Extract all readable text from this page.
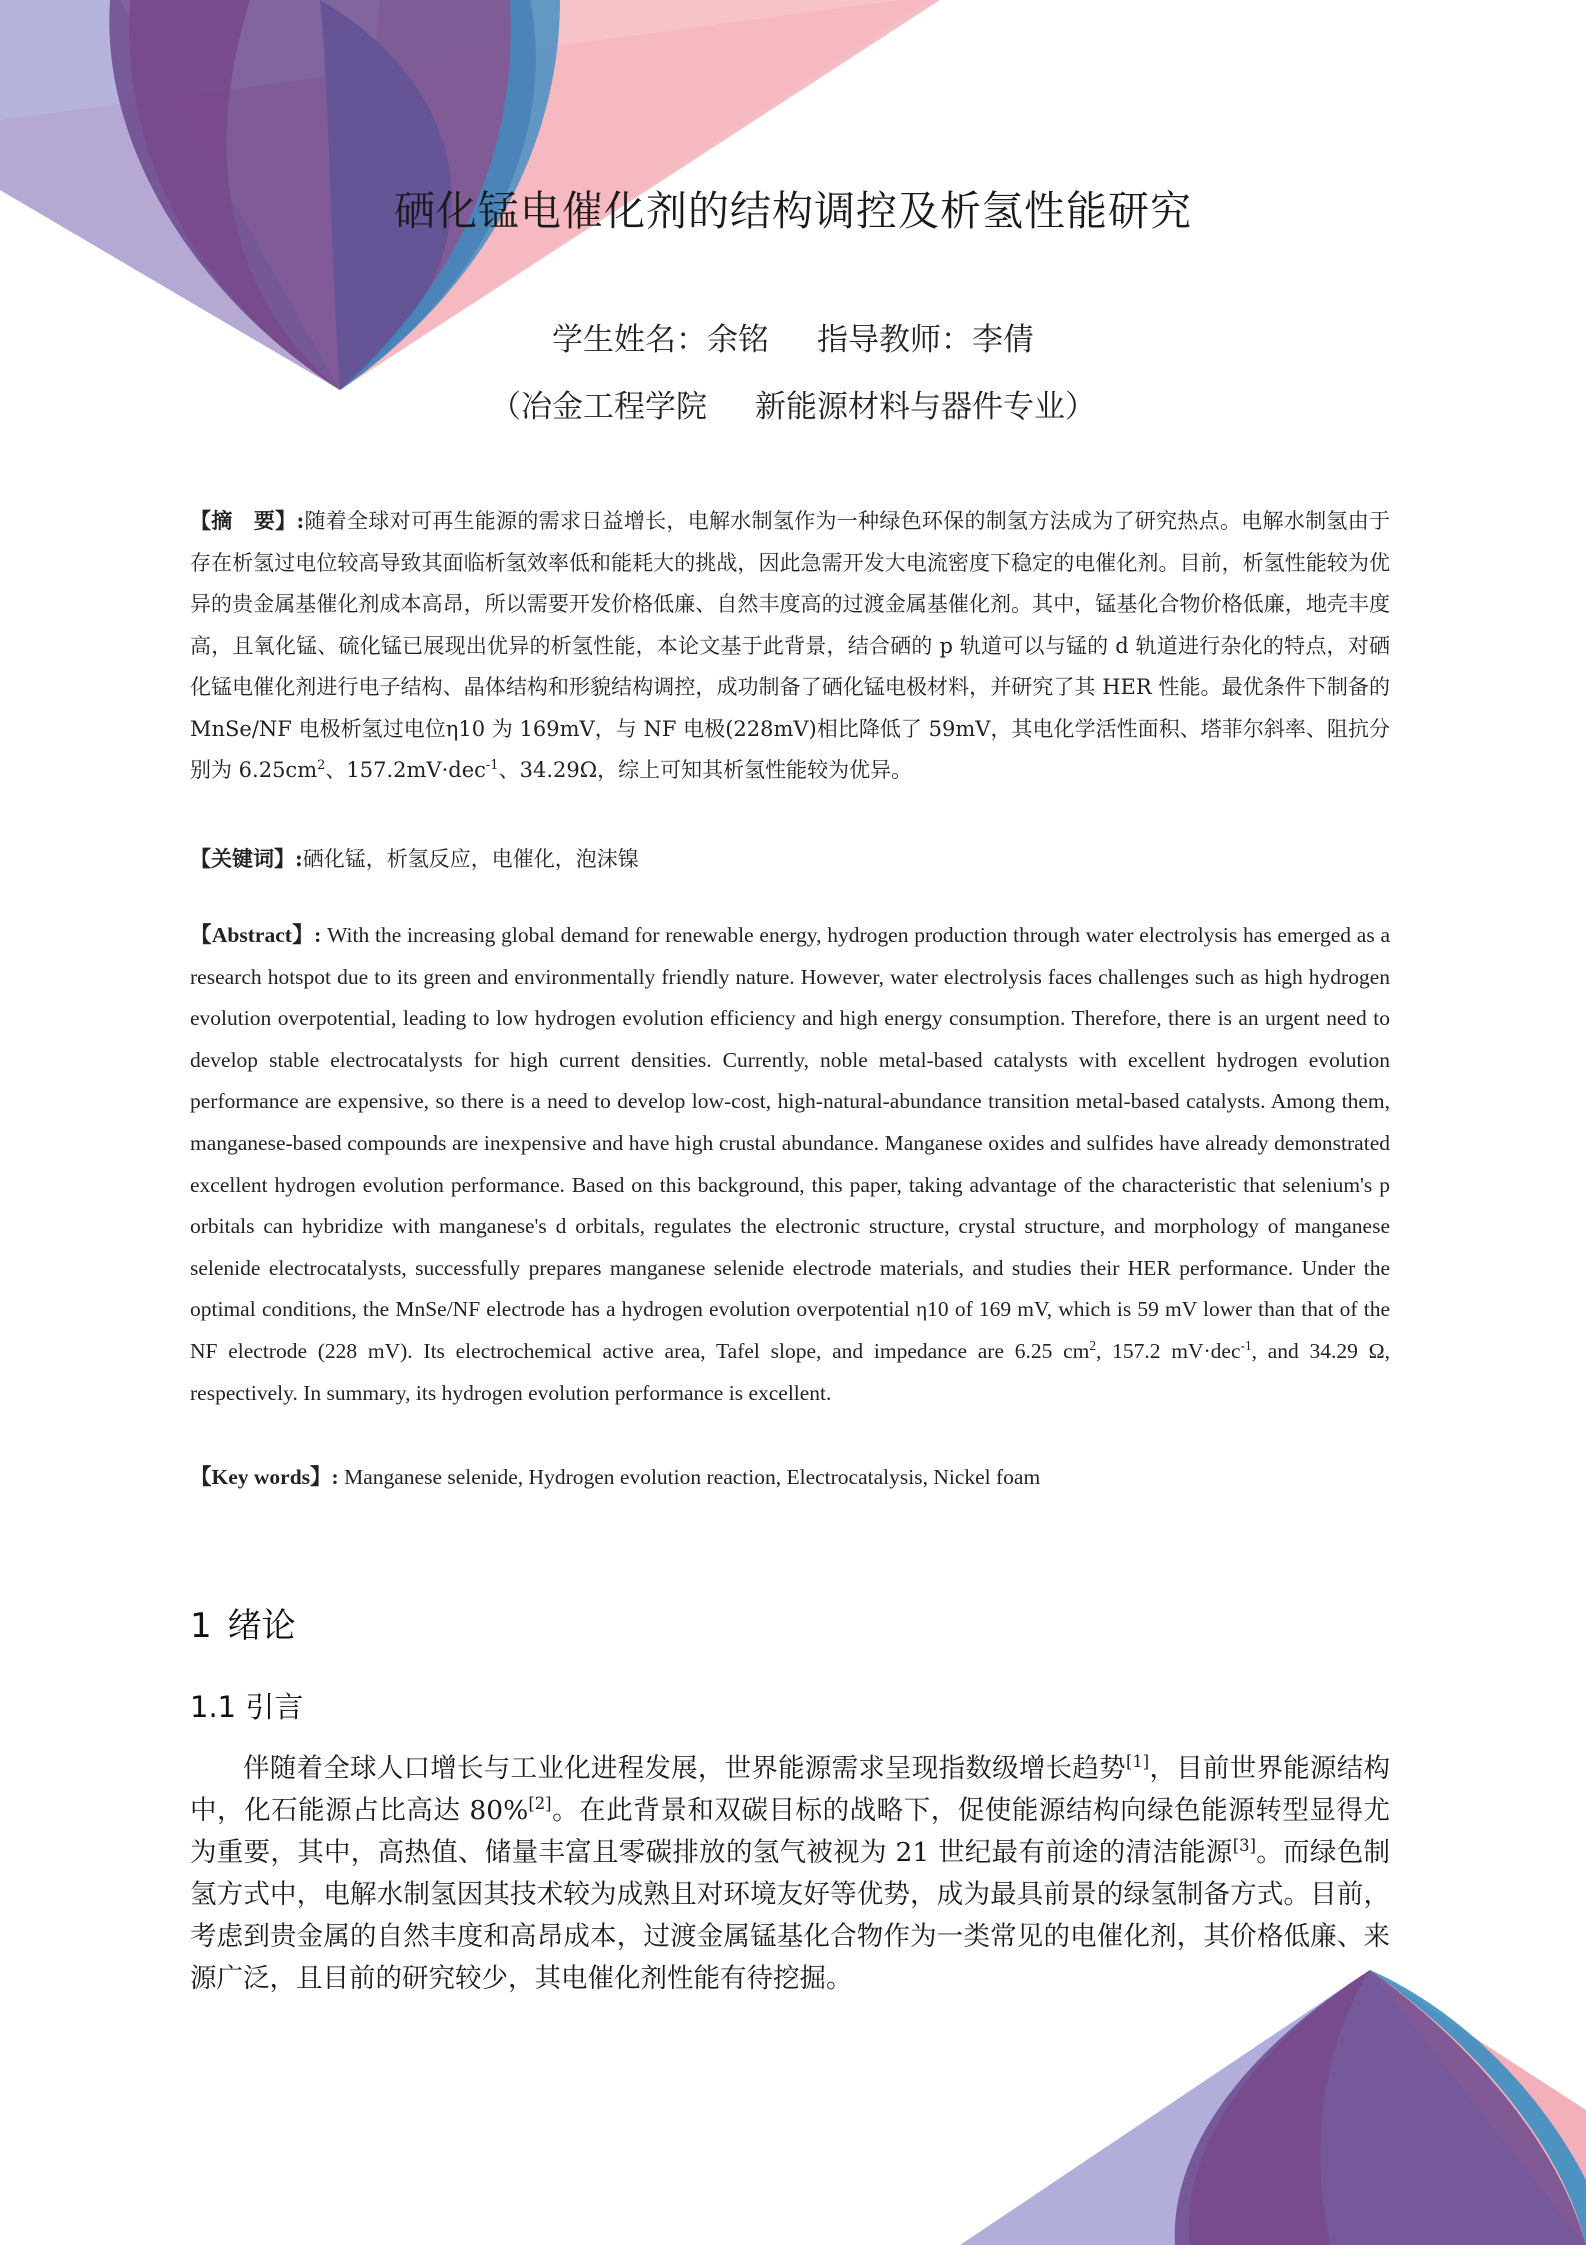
硒化锰电催化剂的结构调控及析氢性能研究
学生姓名：余铭 指导教师：李倩
（冶金工程学院 新能源材料与器件专业）
【摘　要】:随着全球对可再生能源的需求日益增长，电解水制氢作为一种绿色环保的制氢方法成为了研究热点。电解水制氢由于存在析氢过电位较高导致其面临析氢效率低和能耗大的挑战，因此急需开发大电流密度下稳定的电催化剂。目前，析氢性能较为优异的贵金属基催化剂成本高昂，所以需要开发价格低廉、自然丰度高的过渡金属基催化剂。其中，锰基化合物价格低廉，地壳丰度高，且氧化锰、硫化锰已展现出优异的析氢性能，本论文基于此背景，结合硒的 p 轨道可以与锰的 d 轨道进行杂化的特点，对硒化锰电催化剂进行电子结构、晶体结构和形貌结构调控，成功制备了硒化锰电极材料，并研究了其 HER 性能。最优条件下制备的 MnSe/NF 电极析氢过电位η10 为 169mV，与 NF 电极(228mV)相比降低了 59mV，其电化学活性面积、塔菲尔斜率、阻抗分别为 $6.25cm^2$、157.2mV·dec$^{-1}$、34.29Ω，综上可知其析氢性能较为优异。
【关键词】:硒化锰，析氢反应，电催化，泡沫镍
【Abstract】: With the increasing global demand for renewable energy, hydrogen production through water electrolysis has emerged as a research hotspot due to its green and environmentally friendly nature. However, water electrolysis faces challenges such as high hydrogen evolution overpotential, leading to low hydrogen evolution efficiency and high energy consumption. Therefore, there is an urgent need to develop stable electrocatalysts for high current densities. Currently, noble metal-based catalysts with excellent hydrogen evolution performance are expensive, so there is a need to develop low-cost, high-natural-abundance transition metal-based catalysts. Among them, manganese-based compounds are inexpensive and have high crustal abundance. Manganese oxides and sulfides have already demonstrated excellent hydrogen evolution performance. Based on this background, this paper, taking advantage of the characteristic that selenium's p orbitals can hybridize with manganese's d orbitals, regulates the electronic structure, crystal structure, and morphology of manganese selenide electrocatalysts, successfully prepares manganese selenide electrode materials, and studies their HER performance. Under the optimal conditions, the MnSe/NF electrode has a hydrogen evolution overpotential η10 of 169 mV, which is 59 mV lower than that of the NF electrode (228 mV). Its electrochemical active area, Tafel slope, and impedance are 6.25 $cm^2$, 157.2 mV·dec$^{-1}$, and 34.29 Ω, respectively. In summary, its hydrogen evolution performance is excellent.
【Key words】: Manganese selenide, Hydrogen evolution reaction, Electrocatalysis, Nickel foam
1 绪论
1.1 引言

伴随着全球人口增长与工业化进程发展，世界能源需求呈现指数级增长趋势[1]，目前世界能源结构中，化石能源占比高达 80%[2]。在此背景和双碳目标的战略下，促使能源结构向绿色能源转型显得尤为重要，其中，高热值、储量丰富且零碳排放的氢气被视为 21 世纪最有前途的清洁能源[3]。而绿色制氢方式中，电解水制氢因其技术较为成熟且对环境友好等优势，成为最具前景的绿氢制备方式。目前，考虑到贵金属的自然丰度和高昂成本，过渡金属锰基化合物作为一类常见的电催化剂，其价格低廉、来源广泛，且目前的研究较少，其电催化剂性能有待挖掘。
